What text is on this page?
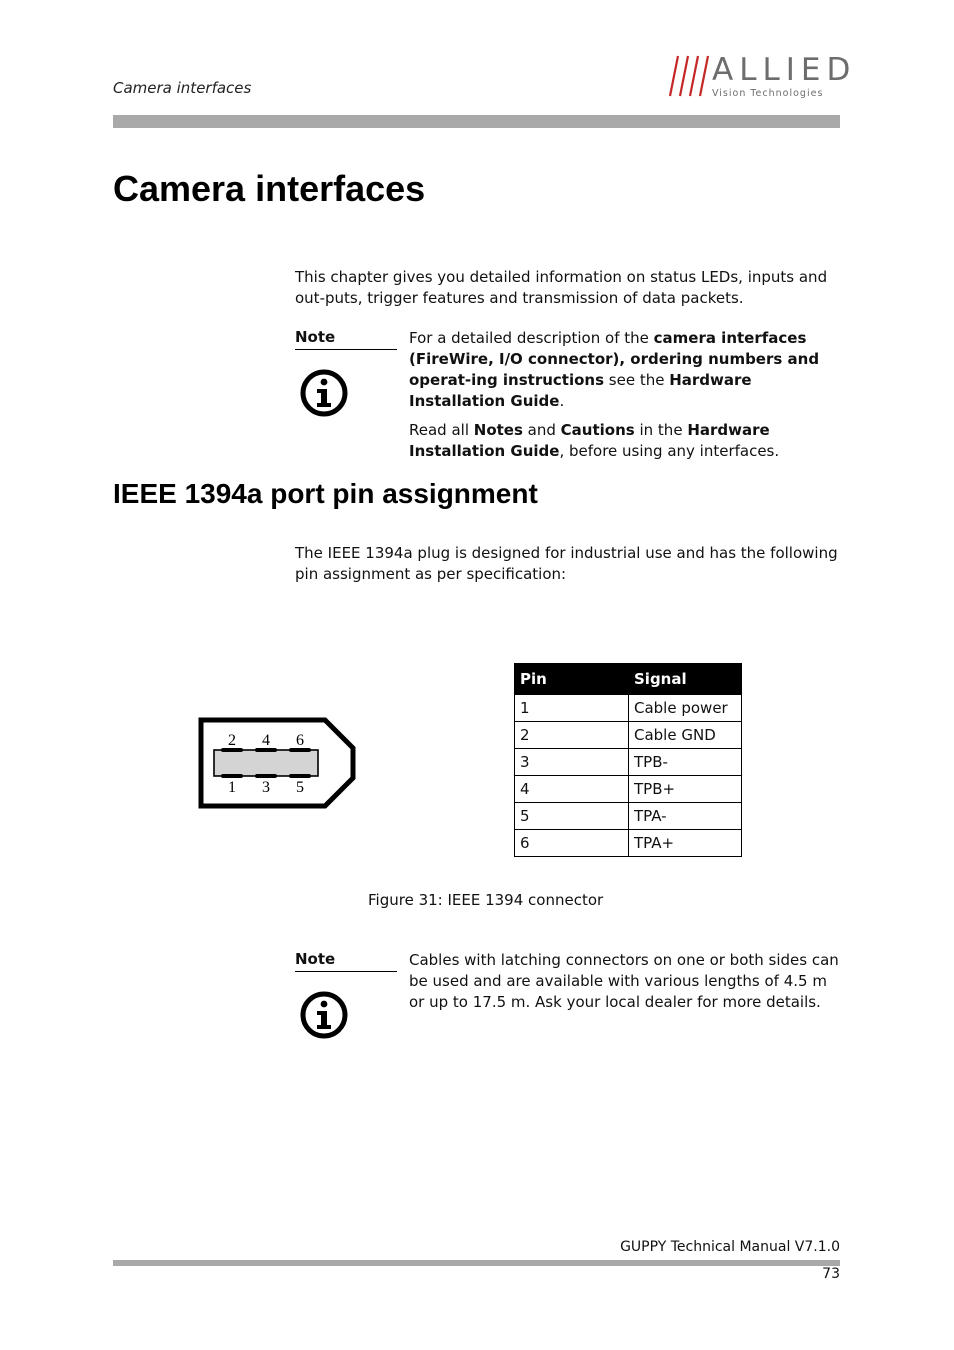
Camera interfaces	ALLIED
Vision Technologies
Camera interfaces
This chapter gives you detailed information on status LEDs, inputs and out-puts, trigger features and transmission of data packets.
Note	For a detailed description of the camera interfaces (FireWire, I/O connector), ordering numbers and operat-ing instructions see the Hardware Installation Guide.

Read all Notes and Cautions in the Hardware Installation Guide, before using any interfaces.

IEEE 1394a port pin assignment
The IEEE 1394a plug is designed for industrial use and has the following pin assignment as per specification:
2 4 6
1 3 5
Pin	Signal
1	Cable power
2	Cable GND
3	TPB-
4	TPB+
5	TPA-
6	TPA+
Figure 31: IEEE 1394 connector
Note	Cables with latching connectors on one or both sides can be used and are available with various lengths of 4.5 m or up to 17.5 m. Ask your local dealer for more details.
GUPPY Technical Manual V7.1.0
73
